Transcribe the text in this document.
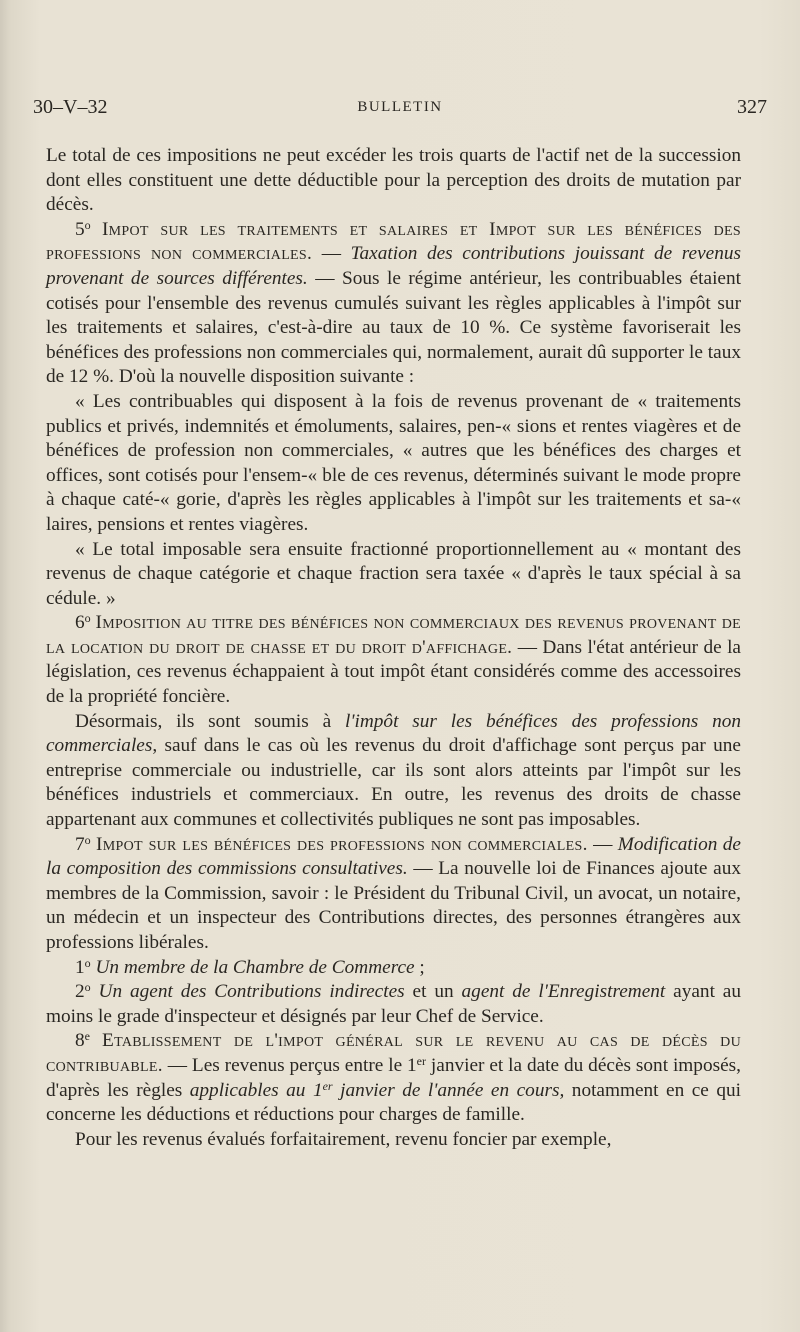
30–V–32	BULLETIN	327

Le total de ces impositions ne peut excéder les trois quarts de l'actif net de la succession dont elles constituent une dette déductible pour la perception des droits de mutation par décès.

5$^o$ Impot sur les traitements et salaires et Impot sur les bénéfices des professions non commerciales. — Taxation des contributions jouissant de revenus provenant de sources différentes. — Sous le régime antérieur, les contribuables étaient cotisés pour l'ensemble des revenus cumulés suivant les règles applicables à l'impôt sur les traitements et salaires, c'est-à-dire au taux de 10 %. Ce système favoriserait les bénéfices des professions non commerciales qui, normalement, aurait dû supporter le taux de 12 %. D'où la nouvelle disposition suivante :

« Les contribuables qui disposent à la fois de revenus provenant de « traitements publics et privés, indemnités et émoluments, salaires, pen-« sions et rentes viagères et de bénéfices de profession non commerciales, « autres que les bénéfices des charges et offices, sont cotisés pour l'ensem-« ble de ces revenus, déterminés suivant le mode propre à chaque caté-« gorie, d'après les règles applicables à l'impôt sur les traitements et sa-« laires, pensions et rentes viagères.

« Le total imposable sera ensuite fractionné proportionnellement au « montant des revenus de chaque catégorie et chaque fraction sera taxée « d'après le taux spécial à sa cédule. »

6$^o$ Imposition au titre des bénéfices non commerciaux des revenus provenant de la location du droit de chasse et du droit d'affichage. — Dans l'état antérieur de la législation, ces revenus échappaient à tout impôt étant considérés comme des accessoires de la propriété foncière.

Désormais, ils sont soumis à l'impôt sur les bénéfices des professions non commerciales, sauf dans le cas où les revenus du droit d'affichage sont perçus par une entreprise commerciale ou industrielle, car ils sont alors atteints par l'impôt sur les bénéfices industriels et commerciaux. En outre, les revenus des droits de chasse appartenant aux communes et collectivités publiques ne sont pas imposables.

7$^o$ Impot sur les bénéfices des professions non commerciales. — Modification de la composition des commissions consultatives. — La nouvelle loi de Finances ajoute aux membres de la Commission, savoir : le Président du Tribunal Civil, un avocat, un notaire, un médecin et un inspecteur des Contributions directes, des personnes étrangères aux professions libérales.

1$^o$ Un membre de la Chambre de Commerce ;

2$^o$ Un agent des Contributions indirectes et un agent de l'Enregistrement ayant au moins le grade d'inspecteur et désignés par leur Chef de Service.

8e Etablissement de l'impot général sur le revenu au cas de décès du contribuable. — Les revenus perçus entre le 1er janvier et la date du décès sont imposés, d'après les règles applicables au 1er janvier de l'année en cours, notamment en ce qui concerne les déductions et réductions pour charges de famille.

Pour les revenus évalués forfaitairement, revenu foncier par exemple,
